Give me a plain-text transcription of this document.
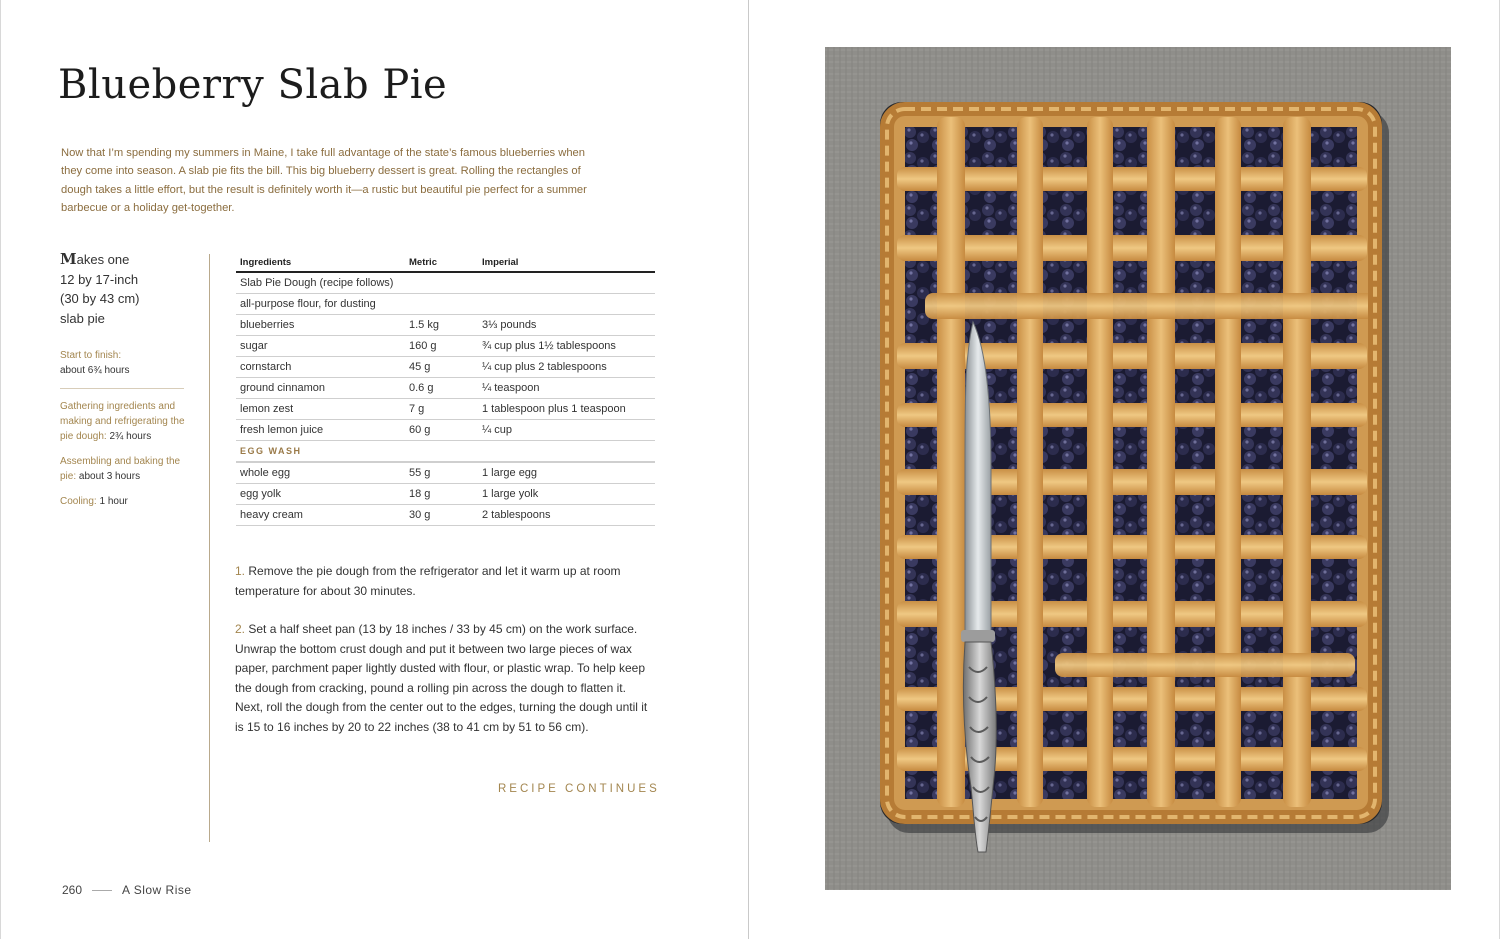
Blueberry Slab Pie

Now that I’m spending my summers in Maine, I take full advantage of the state’s famous blueberries when they come into season. A slab pie fits the bill. This big blueberry dessert is great. Rolling the rectangles of dough takes a little effort, but the result is definitely worth it—a rustic but beautiful pie perfect for a summer barbecue or a holiday get-together.

Makes one
12 by 17-inch
(30 by 43 cm)
slab pie

Start to finish:
about 6¾ hours

Gathering ingredients and making and refrigerating the pie dough: 2¾ hours

Assembling and baking the pie: about 3 hours

Cooling: 1 hour

Ingredients	Metric	Imperial
Slab Pie Dough (recipe follows)		
all-purpose flour, for dusting		
blueberries	1.5 kg	3⅓ pounds
sugar	160 g	¾ cup plus 1½ tablespoons
cornstarch	45 g	¼ cup plus 2 tablespoons
ground cinnamon	0.6 g	¼ teaspoon
lemon zest	7 g	1 tablespoon plus 1 teaspoon
fresh lemon juice	60 g	¼ cup
EGG WASH		
whole egg	55 g	1 large egg
egg yolk	18 g	1 large yolk
heavy cream	30 g	2 tablespoons

1. Remove the pie dough from the refrigerator and let it warm up at room temperature for about 30 minutes.

2. Set a half sheet pan (13 by 18 inches / 33 by 45 cm) on the work surface. Unwrap the bottom crust dough and put it between two large pieces of wax paper, parchment paper lightly dusted with flour, or plastic wrap. To help keep the dough from cracking, pound a rolling pin across the dough to flatten it. Next, roll the dough from the center out to the edges, turning the dough until it is 15 to 16 inches by 20 to 22 inches (38 to 41 cm by 51 to 56 cm).

RECIPE CONTINUES
260	A Slow Rise
